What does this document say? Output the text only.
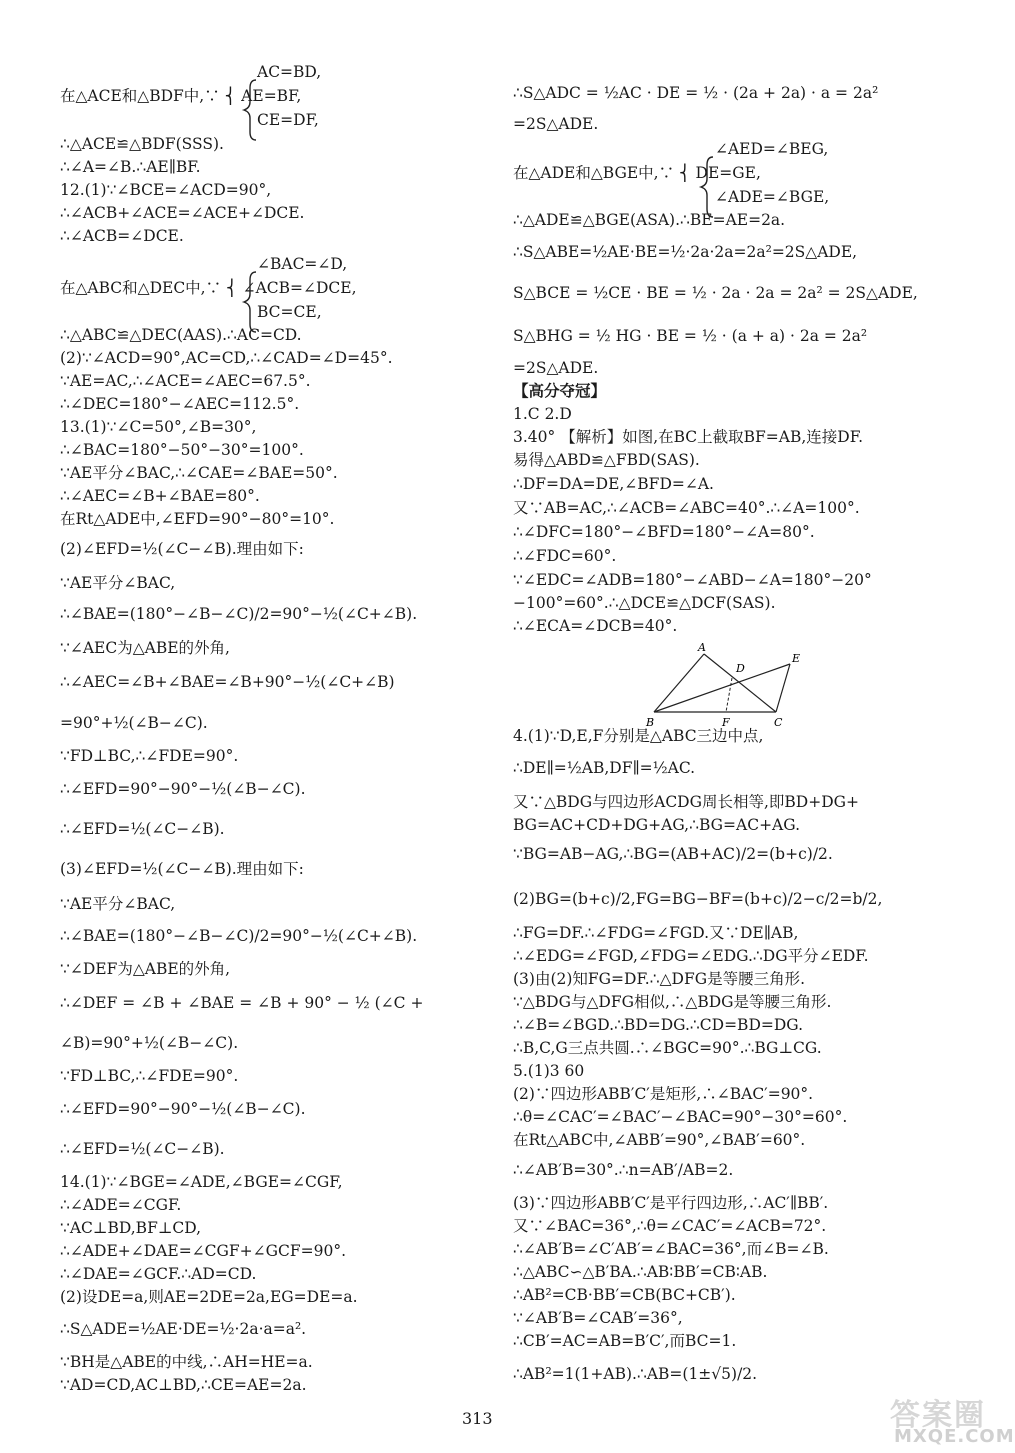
AC=BD,
在△ACE和△BDF中,∵ ⎨ AE=BF,
CE=DF,
∴△ACE≌△BDF(SSS).
∴∠A=∠B.∴AE∥BF.
12.(1)∵∠BCE=∠ACD=90°,
∴∠ACB+∠ACE=∠ACE+∠DCE.
∴∠ACB=∠DCE.
∠BAC=∠D,
在△ABC和△DEC中,∵ ⎨ ∠ACB=∠DCE,
BC=CE,
∴△ABC≌△DEC(AAS).∴AC=CD.
(2)∵∠ACD=90°,AC=CD,∴∠CAD=∠D=45°.
∵AE=AC,∴∠ACE=∠AEC=67.5°.
∴∠DEC=180°−∠AEC=112.5°.
13.(1)∵∠C=50°,∠B=30°,
∴∠BAC=180°−50°−30°=100°.
∵AE平分∠BAC,∴∠CAE=∠BAE=50°.
∴∠AEC=∠B+∠BAE=80°.
在Rt△ADE中,∠EFD=90°−80°=10°.
(2)∠EFD=½(∠C−∠B).理由如下:
∵AE平分∠BAC,
∴∠BAE=(180°−∠B−∠C)/2=90°−½(∠C+∠B).
∵∠AEC为△ABE的外角,
∴∠AEC=∠B+∠BAE=∠B+90°−½(∠C+∠B)
=90°+½(∠B−∠C).
∵FD⊥BC,∴∠FDE=90°.
∴∠EFD=90°−90°−½(∠B−∠C).
∴∠EFD=½(∠C−∠B).
(3)∠EFD=½(∠C−∠B).理由如下:
∵AE平分∠BAC,
∴∠BAE=(180°−∠B−∠C)/2=90°−½(∠C+∠B).
∵∠DEF为△ABE的外角,
∴∠DEF = ∠B + ∠BAE = ∠B + 90° − ½ (∠C +
∠B)=90°+½(∠B−∠C).
∵FD⊥BC,∴∠FDE=90°.
∴∠EFD=90°−90°−½(∠B−∠C).
∴∠EFD=½(∠C−∠B).
14.(1)∵∠BGE=∠ADE,∠BGE=∠CGF,
∴∠ADE=∠CGF.
∵AC⊥BD,BF⊥CD,
∴∠ADE+∠DAE=∠CGF+∠GCF=90°.
∴∠DAE=∠GCF.∴AD=CD.
(2)设DE=a,则AE=2DE=2a,EG=DE=a.
∴S△ADE=½AE·DE=½·2a·a=a².
∵BH是△ABE的中线,∴AH=HE=a.
∵AD=CD,AC⊥BD,∴CE=AE=2a.
∴S△ADC = ½AC · DE = ½ · (2a + 2a) · a = 2a²
=2S△ADE.
∠AED=∠BEG,
在△ADE和△BGE中,∵ ⎨ DE=GE,
∠ADE=∠BGE,
∴△ADE≌△BGE(ASA).∴BE=AE=2a.
∴S△ABE=½AE·BE=½·2a·2a=2a²=2S△ADE,
S△BCE = ½CE · BE = ½ · 2a · 2a = 2a² = 2S△ADE,
S△BHG = ½ HG · BE = ½ · (a + a) · 2a = 2a²
=2S△ADE.
【高分夺冠】
1.C 2.D
3.40° 【解析】如图,在BC上截取BF=AB,连接DF.
易得△ABD≌△FBD(SAS).
∴DF=DA=DE,∠BFD=∠A.
又∵AB=AC,∴∠ACB=∠ABC=40°.∴∠A=100°.
∴∠DFC=180°−∠BFD=180°−∠A=80°.
∴∠FDC=60°.
∵∠EDC=∠ADB=180°−∠ABD−∠A=180°−20°
−100°=60°.∴△DCE≌△DCF(SAS).
∴∠ECA=∠DCB=40°.
4.(1)∵D,E,F分别是△ABC三边中点,
∴DE∥=½AB,DF∥=½AC.
又∵△BDG与四边形ACDG周长相等,即BD+DG+
BG=AC+CD+DG+AG,∴BG=AC+AG.
∵BG=AB−AG,∴BG=(AB+AC)/2=(b+c)/2.
(2)BG=(b+c)/2,FG=BG−BF=(b+c)/2−c/2=b/2,
∴FG=DF.∴∠FDG=∠FGD.又∵DE∥AB,
∴∠EDG=∠FGD,∠FDG=∠EDG.∴DG平分∠EDF.
(3)由(2)知FG=DF.∴△DFG是等腰三角形.
∵△BDG与△DFG相似,∴△BDG是等腰三角形.
∴∠B=∠BGD.∴BD=DG.∴CD=BD=DG.
∴B,C,G三点共圆.∴∠BGC=90°.∴BG⊥CG.
5.(1)3 60
(2)∵四边形ABB′C′是矩形,∴∠BAC′=90°.
∴θ=∠CAC′=∠BAC′−∠BAC=90°−30°=60°.
在Rt△ABC中,∠ABB′=90°,∠BAB′=60°.
∴∠AB′B=30°.∴n=AB′/AB=2.
(3)∵四边形ABB′C′是平行四边形,∴AC′∥BB′.
又∵∠BAC=36°,∴θ=∠CAC′=∠ACB=72°.
∴∠AB′B=∠C′AB′=∠BAC=36°,而∠B=∠B.
∴△ABC∽△B′BA.∴AB∶BB′=CB∶AB.
∴AB²=CB·BB′=CB(BC+CB′).
∵∠AB′B=∠CAB′=36°,
∴CB′=AC=AB=B′C′,而BC=1.
∴AB²=1(1+AB).∴AB=(1±√5)/2.
A
D
E
B	F	C
313	答案圈
MXQE.COM
